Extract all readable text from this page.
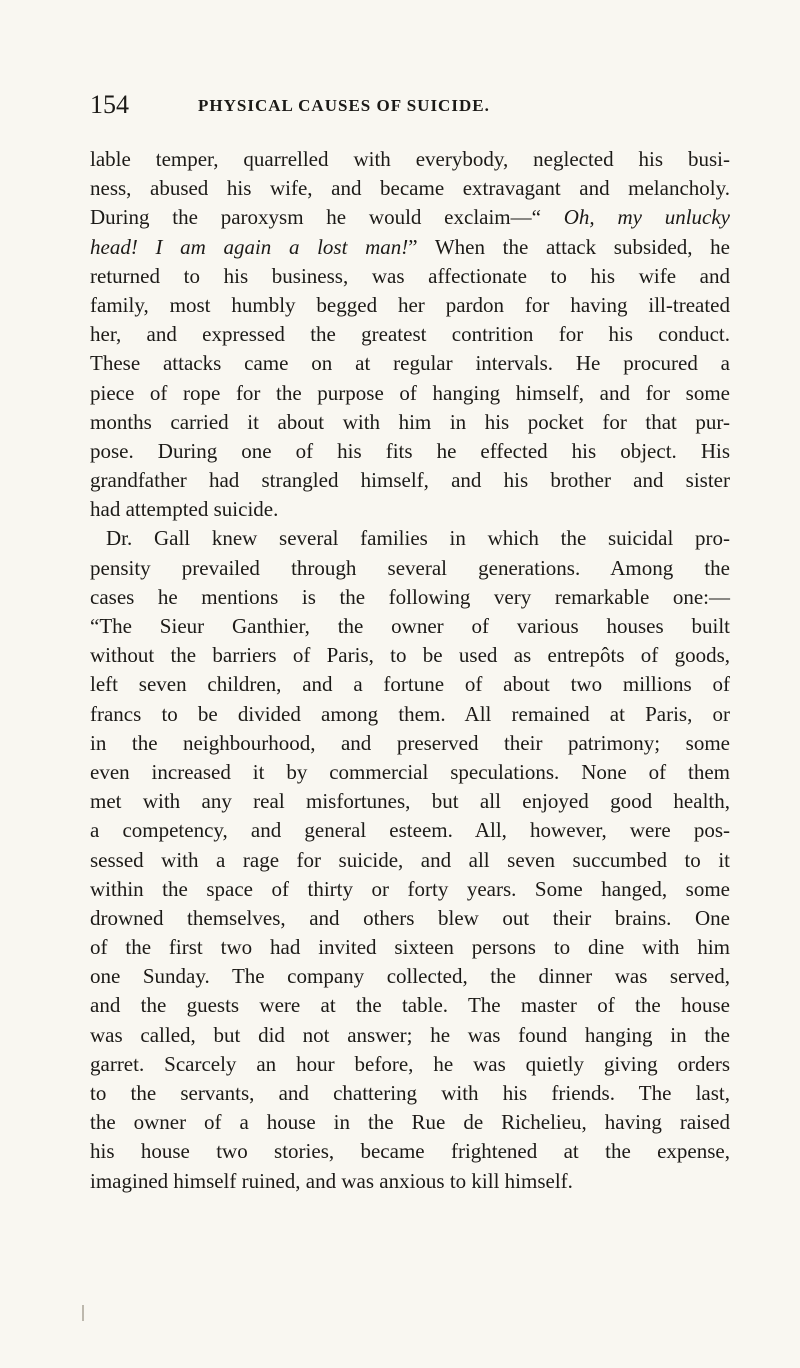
154	PHYSICAL CAUSES OF SUICIDE.
lable temper, quarrelled with everybody, neglected his busi-
ness, abused his wife, and became extravagant and melancholy.
During the paroxysm he would exclaim—“ Oh, my unlucky
head! I am again a lost man!” When the attack subsided, he
returned to his business, was affectionate to his wife and
family, most humbly begged her pardon for having ill-treated
her, and expressed the greatest contrition for his conduct.
These attacks came on at regular intervals. He procured a
piece of rope for the purpose of hanging himself, and for some
months carried it about with him in his pocket for that pur-
pose. During one of his fits he effected his object. His
grandfather had strangled himself, and his brother and sister
had attempted suicide.
Dr. Gall knew several families in which the suicidal pro-
pensity prevailed through several generations. Among the
cases he mentions is the following very remarkable one:—
“The Sieur Ganthier, the owner of various houses built
without the barriers of Paris, to be used as entrepôts of goods,
left seven children, and a fortune of about two millions of
francs to be divided among them. All remained at Paris, or
in the neighbourhood, and preserved their patrimony; some
even increased it by commercial speculations. None of them
met with any real misfortunes, but all enjoyed good health,
a competency, and general esteem. All, however, were pos-
sessed with a rage for suicide, and all seven succumbed to it
within the space of thirty or forty years. Some hanged, some
drowned themselves, and others blew out their brains. One
of the first two had invited sixteen persons to dine with him
one Sunday. The company collected, the dinner was served,
and the guests were at the table. The master of the house
was called, but did not answer; he was found hanging in the
garret. Scarcely an hour before, he was quietly giving orders
to the servants, and chattering with his friends. The last,
the owner of a house in the Rue de Richelieu, having raised
his house two stories, became frightened at the expense,
imagined himself ruined, and was anxious to kill himself.
